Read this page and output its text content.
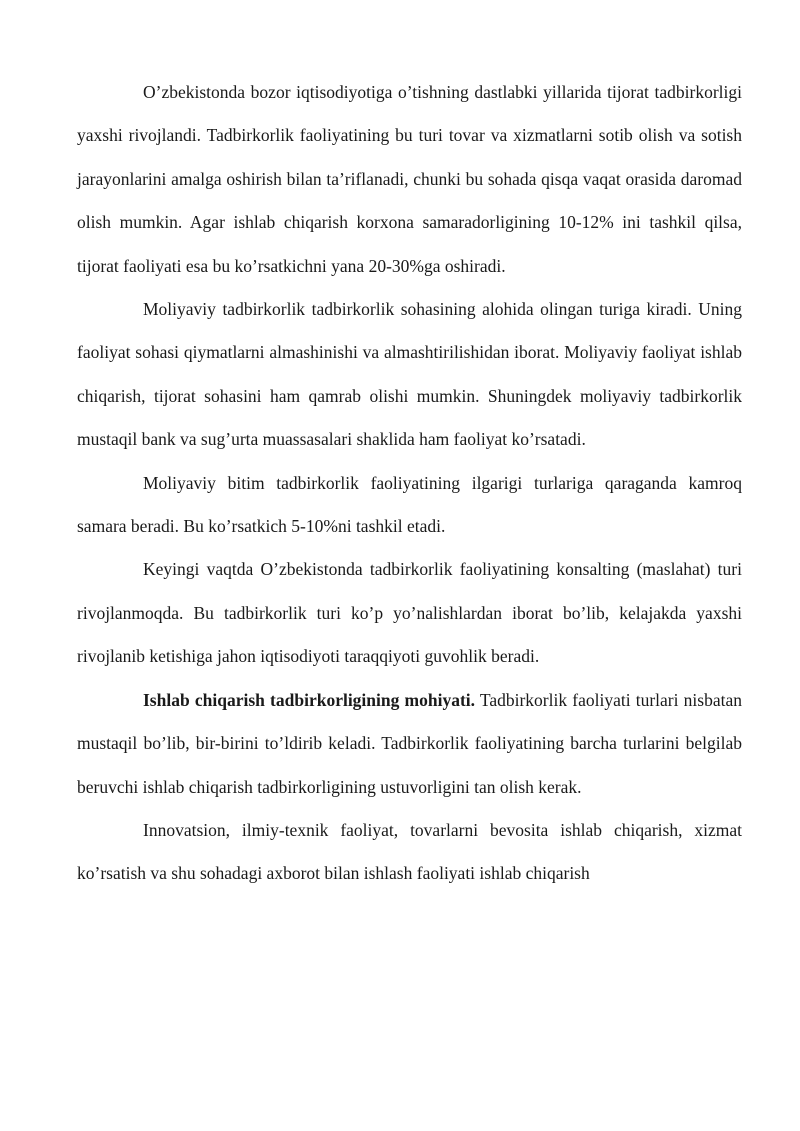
O’zbekistonda bozor iqtisodiyotiga o’tishning dastlabki yillarida tijorat tadbirkorligi yaxshi rivojlandi. Tadbirkorlik faoliyatining bu turi tovar va xizmatlarni sotib olish va sotish jarayonlarini amalga oshirish bilan ta’riflanadi, chunki bu sohada qisqa vaqat orasida daromad olish mumkin. Agar ishlab chiqarish korxona samaradorligining 10-12% ini tashkil qilsa, tijorat faoliyati esa bu ko’rsatkichni yana 20-30%ga oshiradi.

Moliyaviy tadbirkorlik tadbirkorlik sohasining alohida olingan turiga kiradi. Uning faoliyat sohasi qiymatlarni almashinishi va almashtirilishidan iborat. Moliyaviy faoliyat ishlab chiqarish, tijorat sohasini ham qamrab olishi mumkin. Shuningdek moliyaviy tadbirkorlik mustaqil bank va sug’urta muassasalari shaklida ham faoliyat ko’rsatadi.

Moliyaviy bitim tadbirkorlik faoliyatining ilgarigi turlariga qaraganda kamroq samara beradi. Bu ko’rsatkich 5-10%ni tashkil etadi.

Keyingi vaqtda O’zbekistonda tadbirkorlik faoliyatining konsalting (maslahat) turi rivojlanmoqda. Bu tadbirkorlik turi ko’p yo’nalishlardan iborat bo’lib, kelajakda yaxshi rivojlanib ketishiga jahon iqtisodiyoti taraqqiyoti guvohlik beradi.

Ishlab chiqarish tadbirkorligining mohiyati. Tadbirkorlik faoliyati turlari nisbatan mustaqil bo’lib, bir-birini to’ldirib keladi. Tadbirkorlik faoliyatining barcha turlarini belgilab beruvchi ishlab chiqarish tadbirkorligining ustuvorligini tan olish kerak.

Innovatsion, ilmiy-texnik faoliyat, tovarlarni bevosita ishlab chiqarish, xizmat ko’rsatish va shu sohadagi axborot bilan ishlash faoliyati ishlab chiqarish
